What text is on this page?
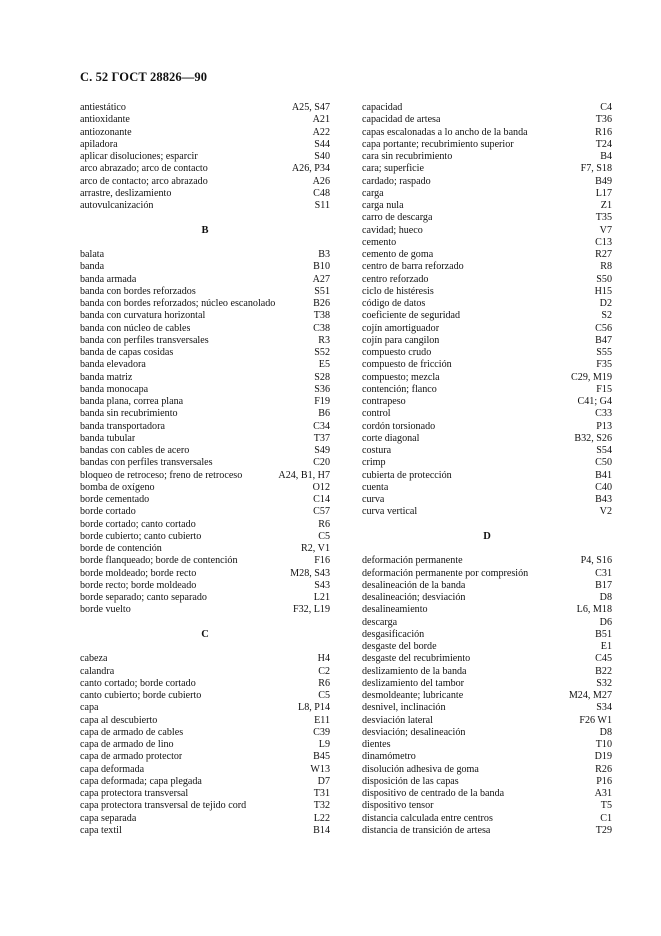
С. 52 ГОСТ 28826—90
antiestático	A25, S47
antioxidante	A21
antiozonante	A22
apiladora	S44
aplicar disoluciones; esparcir	S40
arco abrazado; arco de contacto	A26, P34
arco de contacto; arco abrazado	A26
arrastre, deslizamiento	C48
autovulcanización	S11
B
balata	B3
banda	B10
banda armada	A27
banda con bordes reforzados	S51
banda con bordes reforzados; núcleo escanolado	B26
banda con curvatura horizontal	T38
banda con núcleo de cables	C38
banda con perfiles transversales	R3
banda de capas cosidas	S52
banda elevadora	E5
banda matriz	S28
banda monocapa	S36
banda plana, correa plana	F19
banda sin recubrimiento	B6
banda transportadora	C34
banda tubular	T37
bandas con cables de acero	S49
bandas con perfiles transversales	C20
bloqueo de retroceso; freno de retroceso	A24, B1, H7
bomba de oxígeno	O12
borde cementado	C14
borde cortado	C57
borde cortado; canto cortado	R6
borde cubierto; canto cubierto	C5
borde de contención	R2, V1
borde flanqueado; borde de contención	F16
borde moldeado; borde recto	M28, S43
borde recto; borde moldeado	S43
borde separado; canto separado	L21
borde vuelto	F32, L19
C
cabeza	H4
calandra	C2
canto cortado; borde cortado	R6
canto cubierto; borde cubierto	C5
capa	L8, P14
capa al descubierto	E11
capa de armado de cables	C39
capa de armado de lino	L9
capa de armado protector	B45
capa deformada	W13
capa deformada; capa plegada	D7
capa protectora transversal	T31
capa protectora transversal de tejido cord	T32
capa separada	L22
capa textil	B14
capacidad	C4
capacidad de artesa	T36
capas escalonadas a lo ancho de la banda	R16
capa portante; recubrimiento superior	T24
cara sin recubrimiento	B4
cara; superficie	F7, S18
cardado; raspado	B49
carga	L17
carga nula	Z1
carro de descarga	T35
cavidad; hueco	V7
cemento	C13
cemento de goma	R27
centro de barra reforzado	R8
centro reforzado	S50
ciclo de histéresis	H15
código de datos	D2
coeficiente de seguridad	S2
cojín amortiguador	C56
cojín para cangilon	B47
compuesto crudo	S55
compuesto de fricción	F35
compuesto; mezcla	C29, M19
contención; flanco	F15
contrapeso	C41; G4
control	C33
cordón torsionado	P13
corte diagonal	B32, S26
costura	S54
crimp	C50
cubierta de protección	B41
cuenta	C40
curva	B43
curva vertical	V2
D
deformación permanente	P4, S16
deformación permanente por compresión	C31
desalineación de la banda	B17
desalineación; desviación	D8
desalineamiento	L6, M18
descarga	D6
desgasificación	B51
desgaste del borde	E1
desgaste del recubrimiento	C45
deslizamiento de la banda	B22
deslizamiento del tambor	S32
desmoldeante; lubricante	M24, M27
desnivel, inclinación	S34
desviación lateral	F26 W1
desviación; desalineación	D8
dientes	T10
dinamómetro	D19
disolución adhesiva de goma	R26
disposición de las capas	P16
dispositivo de centrado de la banda	A31
dispositivo tensor	T5
distancia calculada entre centros	C1
distancia de transición de artesa	T29
